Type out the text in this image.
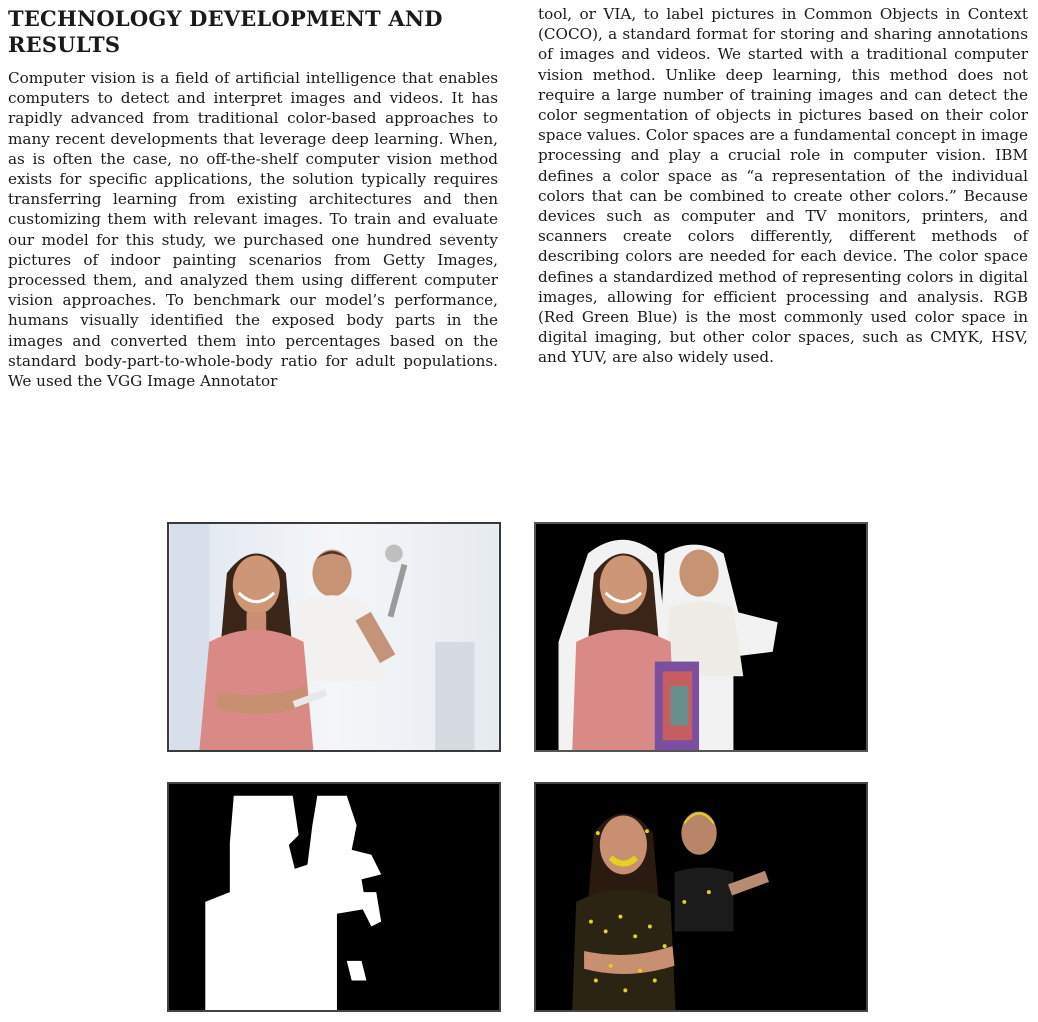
TECHNOLOGY DEVELOPMENT AND RESULTS

Computer vision is a field of artificial intelligence that enables computers to detect and interpret images and videos. It has rapidly advanced from traditional color-based approaches to many recent developments that leverage deep learning. When, as is often the case, no off-the-shelf computer vision method exists for specific applications, the solution typically requires transferring learning from existing architectures and then customizing them with relevant images. To train and evaluate our model for this study, we purchased one hundred seventy pictures of indoor painting scenarios from Getty Images, processed them, and analyzed them using different computer vision approaches. To benchmark our model’s performance, humans visually identified the exposed body parts in the images and converted them into percentages based on the standard body-part-to-whole-body ratio for adult populations. We used the VGG Image Annotator

tool, or VIA, to label pictures in Common Objects in Context (COCO), a standard format for storing and sharing annotations of images and videos. We started with a traditional computer vision method. Unlike deep learning, this method does not require a large number of training images and can detect the color segmentation of objects in pictures based on their color space values. Color spaces are a fundamental concept in image processing and play a crucial role in computer vision. IBM defines a color space as “a representation of the individual colors that can be combined to create other colors.” Because devices such as computer and TV monitors, printers, and scanners create colors differently, different methods of describing colors are needed for each device. The color space defines a standardized method of representing colors in digital images, allowing for efficient processing and analysis. RGB (Red Green Blue) is the most commonly used color space in digital imaging, but other color spaces, such as CMYK, HSV, and YUV, are also widely used.
